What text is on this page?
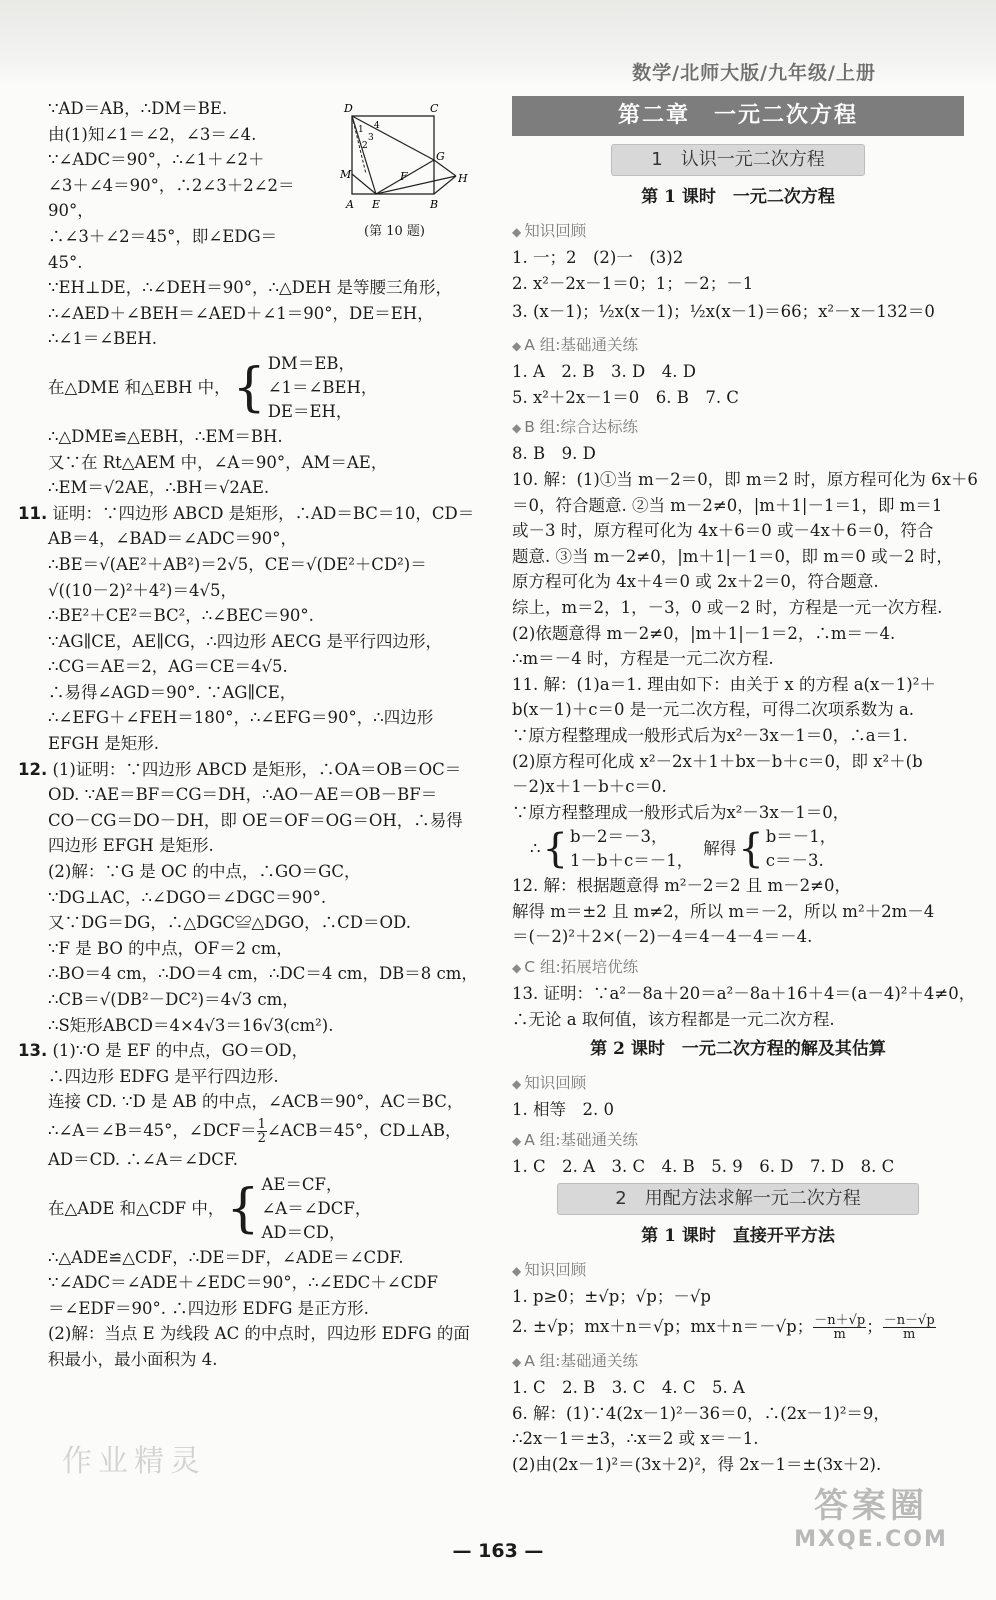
数学/北师大版/九年级/上册
D	C
M
A E	B
F
G
H
1
2
3
4
(第 10 题)
∵AD＝AB，∴DM＝BE.
由(1)知∠1＝∠2，∠3＝∠4.
∵∠ADC＝90°，∴∠1＋∠2＋
∠3＋∠4＝90°，∴2∠3＋2∠2＝
90°，
∴∠3＋∠2＝45°，即∠EDG＝
45°.
∵EH⊥DE，∴∠DEH＝90°，∴△DEH 是等腰三角形，
∴∠AED＋∠BEH＝∠AED＋∠1＝90°，DE＝EH，
∴∠1＝∠BEH.
在△DME 和△EBH 中， { DM＝EB，
∠1＝∠BEH，
DE＝EH，
∴△DME≌△EBH，∴EM＝BH.
又∵在 Rt△AEM 中，∠A＝90°，AM＝AE，
∴EM＝√2AE，∴BH＝√2AE.
11. 证明：∵四边形 ABCD 是矩形，∴AD＝BC＝10，CD＝
AB＝4，∠BAD＝∠ADC＝90°，
∴BE＝√(AE²＋AB²)＝2√5，CE＝√(DE²＋CD²)＝
√((10－2)²＋4²)＝4√5，
∴BE²＋CE²＝BC²，∴∠BEC＝90°.
∵AG∥CE，AE∥CG，∴四边形 AECG 是平行四边形，
∴CG＝AE＝2，AG＝CE＝4√5.
∴易得∠AGD＝90°. ∵AG∥CE，
∴∠EFG＋∠FEH＝180°，∴∠EFG＝90°，∴四边形
EFGH 是矩形.
12. (1)证明：∵四边形 ABCD 是矩形，∴OA＝OB＝OC＝
OD. ∵AE＝BF＝CG＝DH，∴AO－AE＝OB－BF＝
CO－CG＝DO－DH，即 OE＝OF＝OG＝OH，∴易得
四边形 EFGH 是矩形.
(2)解：∵G 是 OC 的中点，∴GO＝GC，
∵DG⊥AC，∴∠DGO＝∠DGC＝90°.
又∵DG＝DG，∴△DGC≌△DGO，∴CD＝OD.
∵F 是 BO 的中点，OF＝2 cm，
∴BO＝4 cm，∴DO＝4 cm，∴DC＝4 cm，DB＝8 cm，
∴CB＝√(DB²－DC²)＝4√3 cm，
∴S矩形ABCD＝4×4√3＝16√3(cm²).
13. (1)∵O 是 EF 的中点，GO＝OD，
∴四边形 EDFG 是平行四边形.
连接 CD. ∵D 是 AB 的中点，∠ACB＝90°，AC＝BC，
∴∠A＝∠B＝45°，∠DCF＝ $\frac{1}{2}$ ∠ACB＝45°，CD⊥AB，
AD＝CD. ∴∠A＝∠DCF.
在△ADE 和△CDF 中， { AE＝CF，
∠A＝∠DCF，
AD＝CD，
∴△ADE≌△CDF，∴DE＝DF，∠ADE＝∠CDF.
∵∠ADC＝∠ADE＋∠EDC＝90°，∴∠EDC＋∠CDF
＝∠EDF＝90°. ∴四边形 EDFG 是正方形.
(2)解：当点 E 为线段 AC 的中点时，四边形 EDFG 的面
积最小，最小面积为 4.
第二章　一元二次方程
1　认识一元二次方程
第 1 课时　一元二次方程
◆ 知识回顾
1. 一；2　(2)一　(3)2
2. x²－2x－1＝0；1；－2；－1
3. (x－1)；½x(x－1)；½x(x－1)＝66；x²－x－132＝0
◆ A 组:基础通关练
1. A　2. B　3. D　4. D
5. x²＋2x－1＝0　6. B　7. C
◆ B 组:综合达标练
8. B　9. D
10. 解：(1)①当 m－2＝0，即 m＝2 时，原方程可化为 6x＋6
＝0，符合题意. ②当 m－2≠0，|m＋1|－1＝1，即 m＝1
或－3 时，原方程可化为 4x＋6＝0 或－4x＋6＝0，符合
题意. ③当 m－2≠0，|m＋1|－1＝0，即 m＝0 或－2 时，
原方程可化为 4x＋4＝0 或 2x＋2＝0，符合题意.
综上，m＝2，1，－3，0 或－2 时，方程是一元一次方程.
(2)依题意得 m－2≠0，|m＋1|－1＝2，∴m＝－4.
∴m＝－4 时，方程是一元二次方程.
11. 解：(1)a＝1. 理由如下：由关于 x 的方程 a(x－1)²＋
b(x－1)＋c＝0 是一元二次方程，可得二次项系数为 a.
∵原方程整理成一般形式后为x²－3x－1＝0，∴a＝1.
(2)原方程可化成 x²－2x＋1＋bx－b＋c＝0，即 x²＋(b
－2)x＋1－b＋c＝0.
∵原方程整理成一般形式后为x²－3x－1＝0，
∴ { b－2＝－3，
1－b＋c＝－1，
解得 { b＝－1，
c＝－3.
12. 解：根据题意得 m²－2＝2 且 m－2≠0，
解得 m＝±2 且 m≠2，所以 m＝－2，所以 m²＋2m－4
＝(－2)²＋2×(－2)－4＝4－4－4＝－4.
◆ C 组:拓展培优练
13. 证明：∵a²－8a＋20＝a²－8a＋16＋4＝(a－4)²＋4≠0，
∴无论 a 取何值，该方程都是一元二次方程.
第 2 课时　一元二次方程的解及其估算
◆ 知识回顾
1. 相等　2. 0
◆ A 组:基础通关练
1. C　2. A　3. C　4. B　5. 9　6. D　7. D　8. C
2　用配方法求解一元二次方程
第 1 课时　直接开平方法
◆ 知识回顾
1. p≥0；±√p；√p；－√p
2. ±√p；mx＋n＝√p；mx＋n＝－√p； $\frac{-n+√p}{m}$ ； $\frac{-n-√p}{m}$
◆ A 组:基础通关练
1. C　2. B　3. C　4. C　5. A
6. 解：(1)∵4(2x－1)²－36＝0，∴(2x－1)²＝9，
∴2x－1＝±3，∴x＝2 或 x＝－1.
(2)由(2x－1)²＝(3x＋2)²，得 2x－1＝±(3x＋2).
作业精灵
— 163 —
答案圈
MXQE.COM
